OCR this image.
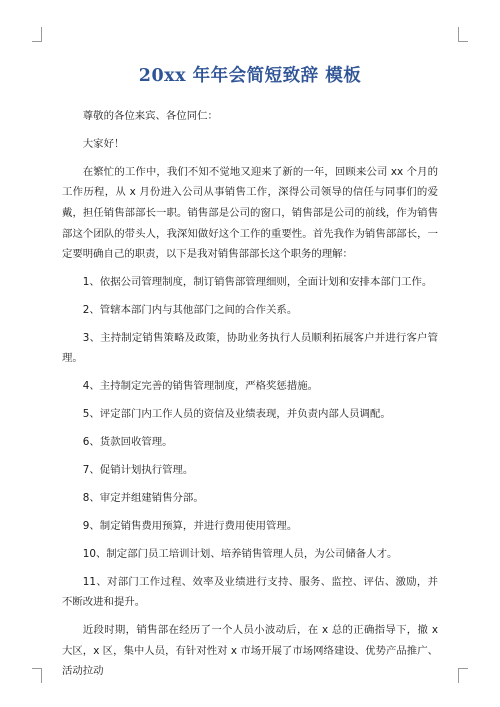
20xx 年年会简短致辞 模板

尊敬的各位来宾、各位同仁：

大家好！

在繁忙的工作中，我们不知不觉地又迎来了新的一年，回顾来公司 xx 个月的工作历程，从 x 月份进入公司从事销售工作，深得公司领导的信任与同事们的爱戴，担任销售部部长一职。销售部是公司的窗口，销售部是公司的前线，作为销售部这个团队的带头人，我深知做好这个工作的重要性。首先我作为销售部部长，一定要明确自己的职责，以下是我对销售部部长这个职务的理解：

1、依据公司管理制度，制订销售部管理细则，全面计划和安排本部门工作。

2、管辖本部门内与其他部门之间的合作关系。

3、主持制定销售策略及政策，协助业务执行人员顺利拓展客户并进行客户管理。

4、主持制定完善的销售管理制度，严格奖惩措施。

5、评定部门内工作人员的资信及业绩表现，并负责内部人员调配。

6、货款回收管理。

7、促销计划执行管理。

8、审定并组建销售分部。

9、制定销售费用预算，并进行费用使用管理。

10、制定部门员工培训计划、培养销售管理人员，为公司储备人才。

11、对部门工作过程、效率及业绩进行支持、服务、监控、评估、激励，并不断改进和提升。

近段时期，销售部在经历了一个人员小波动后，在 x 总的正确指导下，撤 x 大区，x 区，集中人员，有针对性对 x 市场开展了市场网络建设、优势产品推广、活动拉动
